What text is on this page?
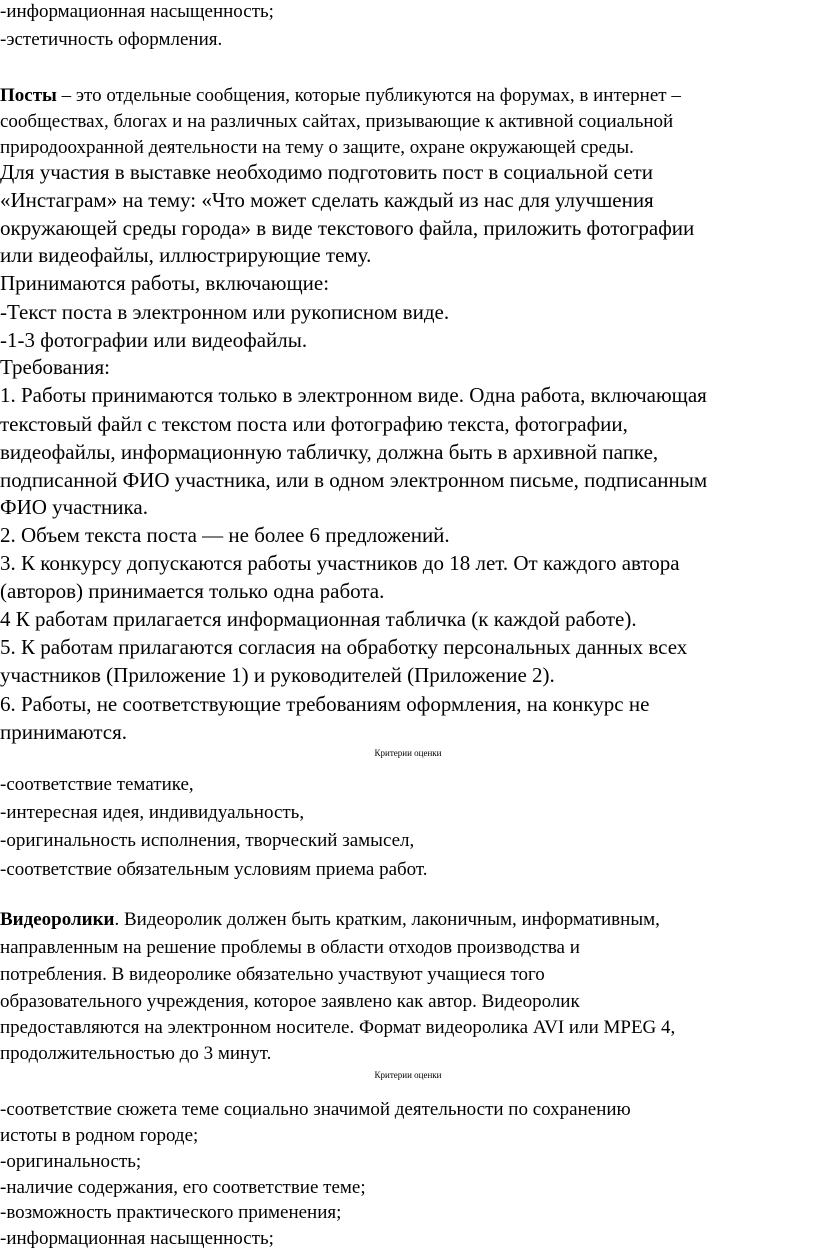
-информационная насыщенность;
-эстетичность оформления.
Посты – это отдельные сообщения, которые публикуются на форумах, в интернет –
сообществах, блогах и на различных сайтах, призывающие к активной социальной
природоохранной деятельности на тему о защите, охране окружающей среды.
Для участия в выставке необходимо подготовить пост в социальной сети
«Инстаграм» на тему: «Что может сделать каждый из нас для улучшения
окружающей среды города» в виде текстового файла, приложить фотографии
или видеофайлы, иллюстрирующие тему.
Принимаются работы, включающие:
-Текст поста в электронном или рукописном виде.
-1-3 фотографии или видеофайлы.
Требования:
1. Работы принимаются только в электронном виде. Одна работа, включающая
текстовый файл с текстом поста или фотографию текста, фотографии,
видеофайлы, информационную табличку, должна быть в архивной папке,
подписанной ФИО участника, или в одном электронном письме, подписанным
ФИО участника.
2. Объем текста поста — не более 6 предложений.
3. К конкурсу допускаются работы участников до 18 лет. От каждого автора
(авторов) принимается только одна работа.
4 К работам прилагается информационная табличка (к каждой работе).
5. К работам прилагаются согласия на обработку персональных данных всех
участников (Приложение 1) и руководителей (Приложение 2).
6. Работы, не соответствующие требованиям оформления, на конкурс не
принимаются.
Критерии оценки
-соответствие тематике,
-интересная идея, индивидуальность,
-оригинальность исполнения, творческий замысел,
-соответствие обязательным условиям приема работ.
Видеоролики. Видеоролик должен быть кратким, лаконичным, информативным,
направленным на решение проблемы в области отходов производства и
потребления. В видеоролике обязательно участвуют учащиеся того
образовательного учреждения, которое заявлено как автор. Видеоролик
предоставляются на электронном носителе. Формат видеоролика AVI или MPEG 4,
продолжительностью до 3 минут.
Критерии оценки
-соответствие сюжета теме социально значимой деятельности по сохранению
истоты в родном городе;
-оригинальность;
-наличие содержания, его соответствие теме;
-возможность практического применения;
-информационная насыщенность;
